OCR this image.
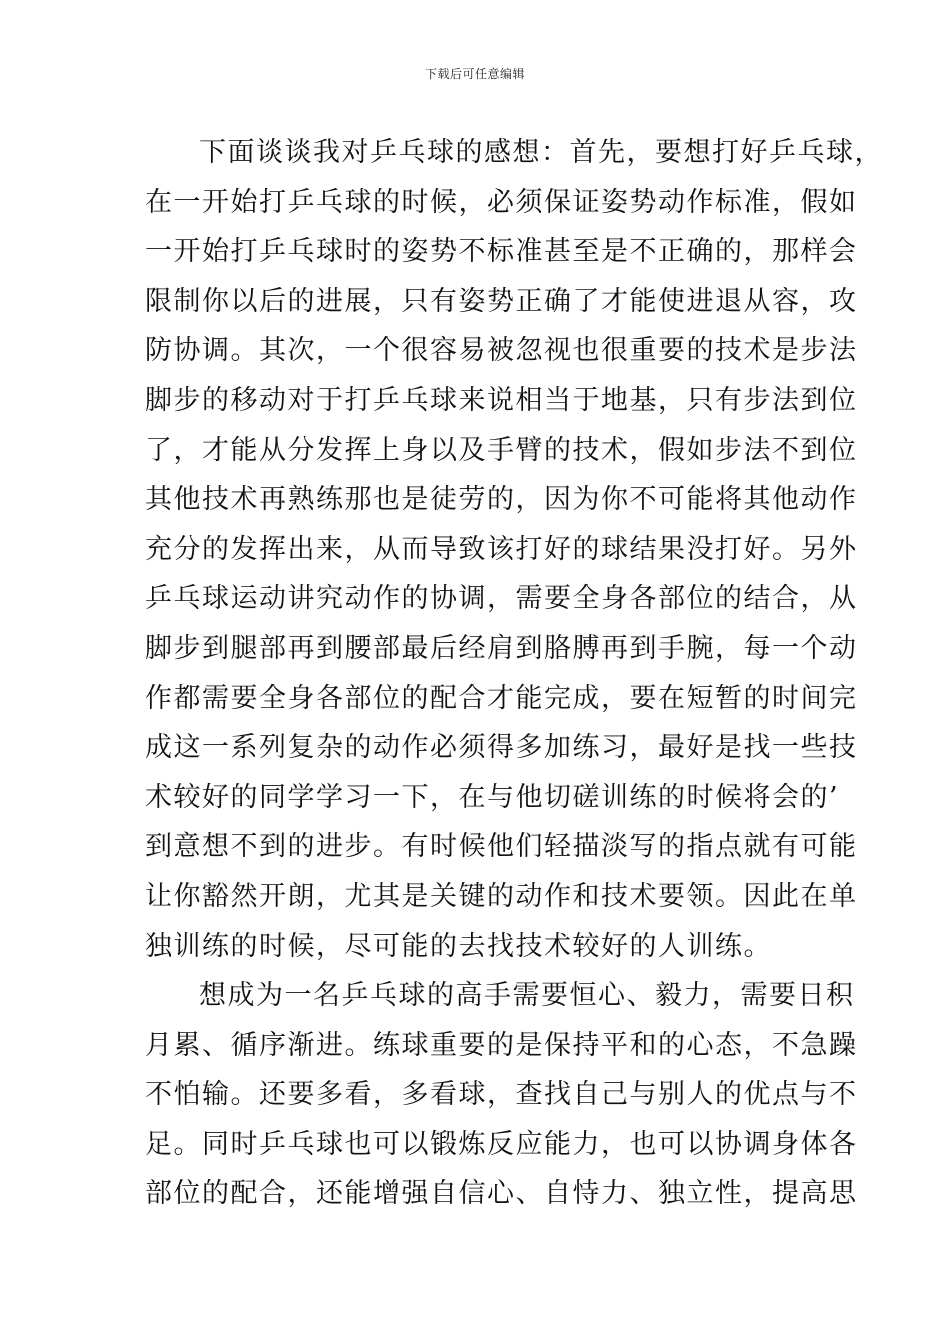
下载后可任意编辑
下面谈谈我对乒乓球的感想：首先，要想打好乒乓球，
在一开始打乒乓球的时候，必须保证姿势动作标准，假如
一开始打乒乓球时的姿势不标准甚至是不正确的，那样会
限制你以后的进展，只有姿势正确了才能使进退从容，攻
防协调。其次，一个很容易被忽视也很重要的技术是步法
脚步的移动对于打乒乓球来说相当于地基，只有步法到位
了，才能从分发挥上身以及手臂的技术，假如步法不到位
其他技术再熟练那也是徒劳的，因为你不可能将其他动作
充分的发挥出来，从而导致该打好的球结果没打好。另外
乒乓球运动讲究动作的协调，需要全身各部位的结合，从
脚步到腿部再到腰部最后经肩到胳膊再到手腕，每一个动
作都需要全身各部位的配合才能完成，要在短暂的时间完
成这一系列复杂的动作必须得多加练习，最好是找一些技
术较好的同学学习一下，在与他切磋训练的时候将会的’
到意想不到的进步。有时候他们轻描淡写的指点就有可能
让你豁然开朗，尤其是关键的动作和技术要领。因此在单
独训练的时候，尽可能的去找技术较好的人训练。
想成为一名乒乓球的高手需要恒心、毅力，需要日积
月累、循序渐进。练球重要的是保持平和的心态，不急躁
不怕输。还要多看，多看球，查找自己与别人的优点与不
足。同时乒乓球也可以锻炼反应能力，也可以协调身体各
部位的配合，还能增强自信心、自恃力、独立性，提高思
